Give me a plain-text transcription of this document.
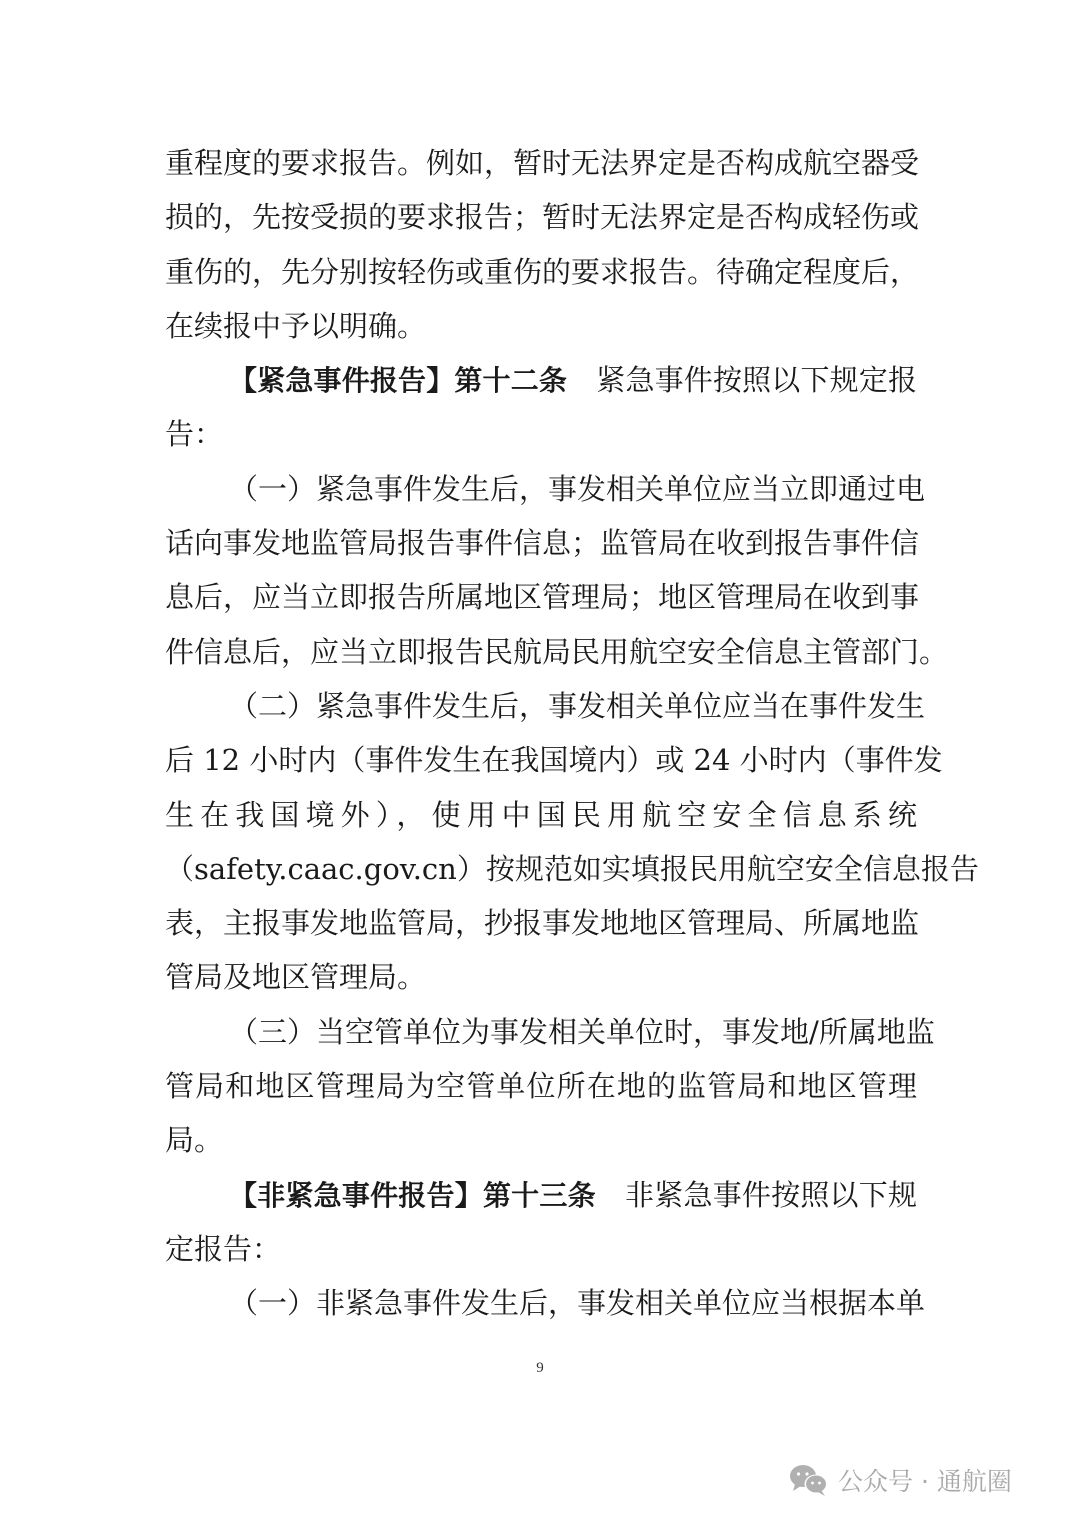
重程度的要求报告。例如，暂时无法界定是否构成航空器受
损的，先按受损的要求报告；暂时无法界定是否构成轻伤或
重伤的，先分别按轻伤或重伤的要求报告。待确定程度后，
在续报中予以明确。
【紧急事件报告】第十二条　紧急事件按照以下规定报
告：
（一）紧急事件发生后，事发相关单位应当立即通过电
话向事发地监管局报告事件信息；监管局在收到报告事件信
息后，应当立即报告所属地区管理局；地区管理局在收到事
件信息后，应当立即报告民航局民用航空安全信息主管部门。
（二）紧急事件发生后，事发相关单位应当在事件发生
后 12 小时内（事件发生在我国境内）或 24 小时内（事件发
生在我国境外），使用中国民用航空安全信息系统
（safety.caac.gov.cn）按规范如实填报民用航空安全信息报告
表，主报事发地监管局，抄报事发地地区管理局、所属地监
管局及地区管理局。
（三）当空管单位为事发相关单位时，事发地/所属地监
管局和地区管理局为空管单位所在地的监管局和地区管理
局。
【非紧急事件报告】第十三条　非紧急事件按照以下规
定报告：
（一）非紧急事件发生后，事发相关单位应当根据本单
9
公众号 · 通航圈
